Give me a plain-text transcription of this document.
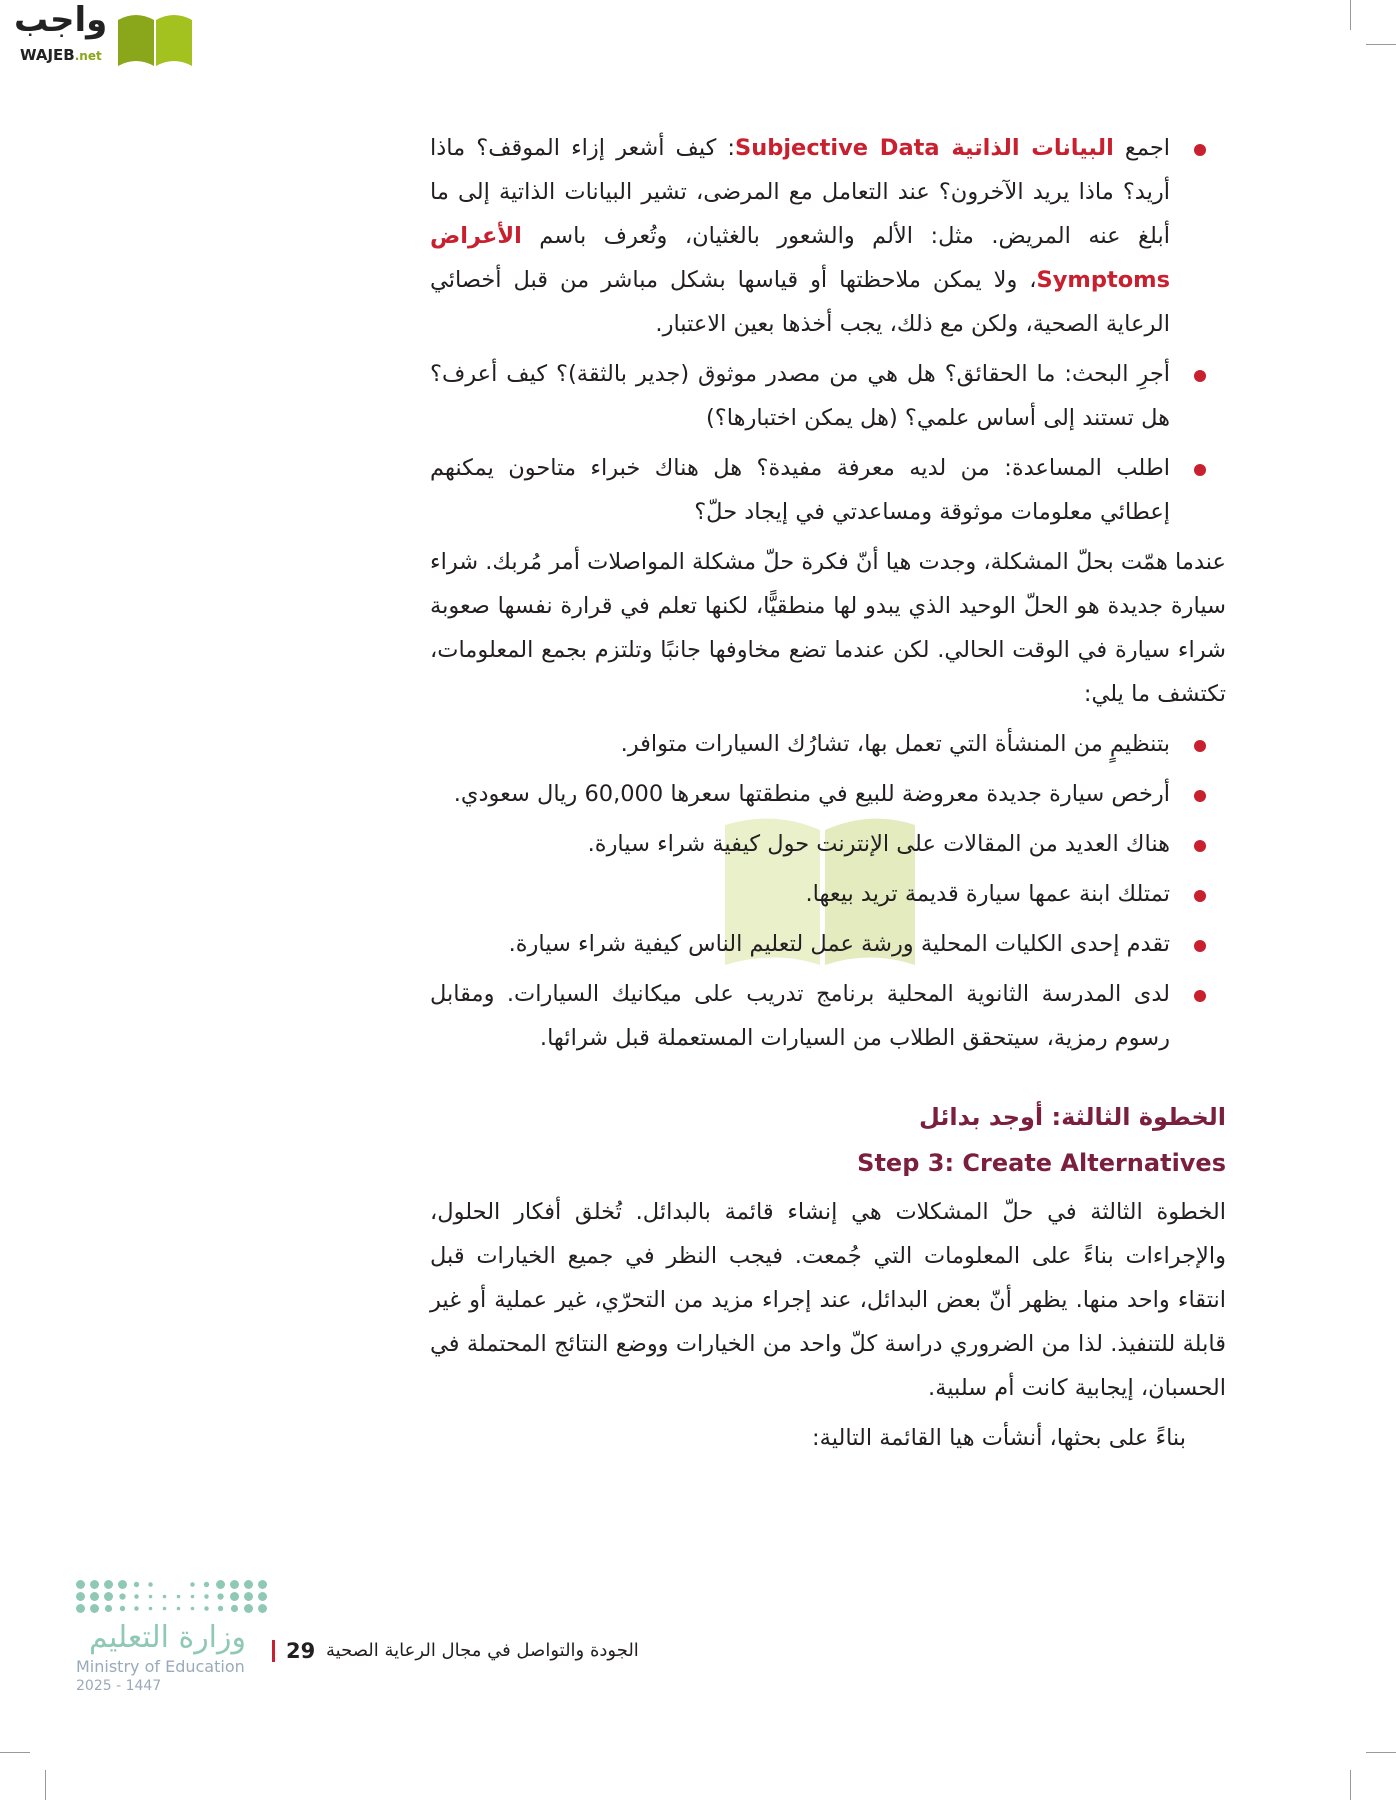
واجب
WAJEB.net
اجمع البيانات الذاتية Subjective Data: كيف أشعر إزاء الموقف؟ ماذا أريد؟ ماذا يريد الآخرون؟ عند التعامل مع المرضى، تشير البيانات الذاتية إلى ما أبلغ عنه المريض. مثل: الألم والشعور بالغثيان، وتُعرف باسم الأعراض Symptoms، ولا يمكن ملاحظتها أو قياسها بشكل مباشر من قبل أخصائي الرعاية الصحية، ولكن مع ذلك، يجب أخذها بعين الاعتبار.
أجرِ البحث: ما الحقائق؟ هل هي من مصدر موثوق (جدير بالثقة)؟ كيف أعرف؟ هل تستند إلى أساس علمي؟ (هل يمكن اختبارها؟)
اطلب المساعدة: من لديه معرفة مفيدة؟ هل هناك خبراء متاحون يمكنهم إعطائي معلومات موثوقة ومساعدتي في إيجاد حلّ؟

عندما همّت بحلّ المشكلة، وجدت هيا أنّ فكرة حلّ مشكلة المواصلات أمر مُربك. شراء سيارة جديدة هو الحلّ الوحيد الذي يبدو لها منطقيًّا، لكنها تعلم في قرارة نفسها صعوبة شراء سيارة في الوقت الحالي. لكن عندما تضع مخاوفها جانبًا وتلتزم بجمع المعلومات، تكتشف ما يلي:

بتنظيمٍ من المنشأة التي تعمل بها، تشارُك السيارات متوافر.
أرخص سيارة جديدة معروضة للبيع في منطقتها سعرها 60,000 ريال سعودي.
هناك العديد من المقالات على الإنترنت حول كيفية شراء سيارة.
تمتلك ابنة عمها سيارة قديمة تريد بيعها.
تقدم إحدى الكليات المحلية ورشة عمل لتعليم الناس كيفية شراء سيارة.
لدى المدرسة الثانوية المحلية برنامج تدريب على ميكانيك السيارات. ومقابل رسوم رمزية، سيتحقق الطلاب من السيارات المستعملة قبل شرائها.
الخطوة الثالثة: أوجد بدائل
Step 3: Create Alternatives

الخطوة الثالثة في حلّ المشكلات هي إنشاء قائمة بالبدائل. تُخلق أفكار الحلول، والإجراءات بناءً على المعلومات التي جُمعت. فيجب النظر في جميع الخيارات قبل انتقاء واحد منها. يظهر أنّ بعض البدائل، عند إجراء مزيد من التحرّي، غير عملية أو غير قابلة للتنفيذ. لذا من الضروري دراسة كلّ واحد من الخيارات ووضع النتائج المحتملة في الحسبان، إيجابية كانت أم سلبية.

بناءً على بحثها، أنشأت هيا القائمة التالية:

وزارة التعليم
Ministry of Education
2025 - 1447
29 الجودة والتواصل في مجال الرعاية الصحية
